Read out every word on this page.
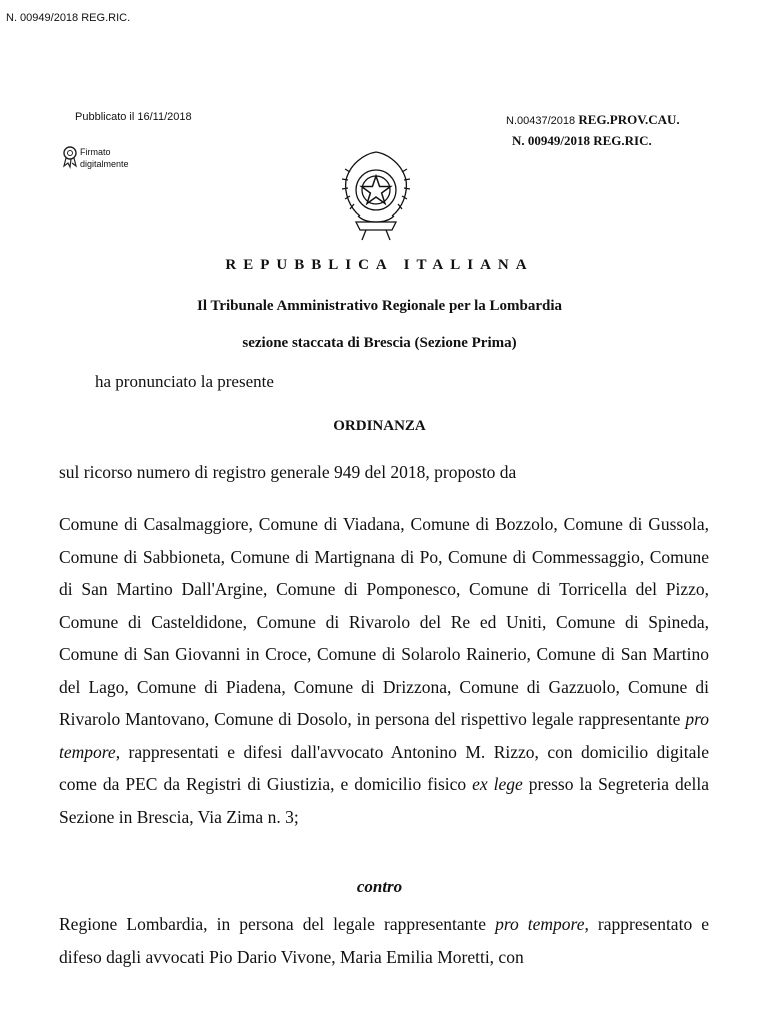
N. 00949/2018 REG.RIC.
Pubblicato il 16/11/2018
Firmato
digitalmente
N.00437/2018 REG.PROV.CAU.
N. 00949/2018 REG.RIC.
REPUBBLICA ITALIANA
Il Tribunale Amministrativo Regionale per la Lombardia
sezione staccata di Brescia (Sezione Prima)
ha pronunciato la presente
ORDINANZA
sul ricorso numero di registro generale 949 del 2018, proposto da
Comune di Casalmaggiore, Comune di Viadana, Comune di Bozzolo, Comune di Gussola, Comune di Sabbioneta, Comune di Martignana di Po, Comune di Commessaggio, Comune di San Martino Dall'Argine, Comune di Pomponesco, Comune di Torricella del Pizzo, Comune di Casteldidone, Comune di Rivarolo del Re ed Uniti, Comune di Spineda, Comune di San Giovanni in Croce, Comune di Solarolo Rainerio, Comune di San Martino del Lago, Comune di Piadena, Comune di Drizzona, Comune di Gazzuolo, Comune di Rivarolo Mantovano, Comune di Dosolo, in persona del rispettivo legale rappresentante pro tempore, rappresentati e difesi dall'avvocato Antonino M. Rizzo, con domicilio digitale come da PEC da Registri di Giustizia, e domicilio fisico ex lege presso la Segreteria della Sezione in Brescia, Via Zima n. 3;
contro
Regione Lombardia, in persona del legale rappresentante pro tempore, rappresentato e difeso dagli avvocati Pio Dario Vivone, Maria Emilia Moretti, con
